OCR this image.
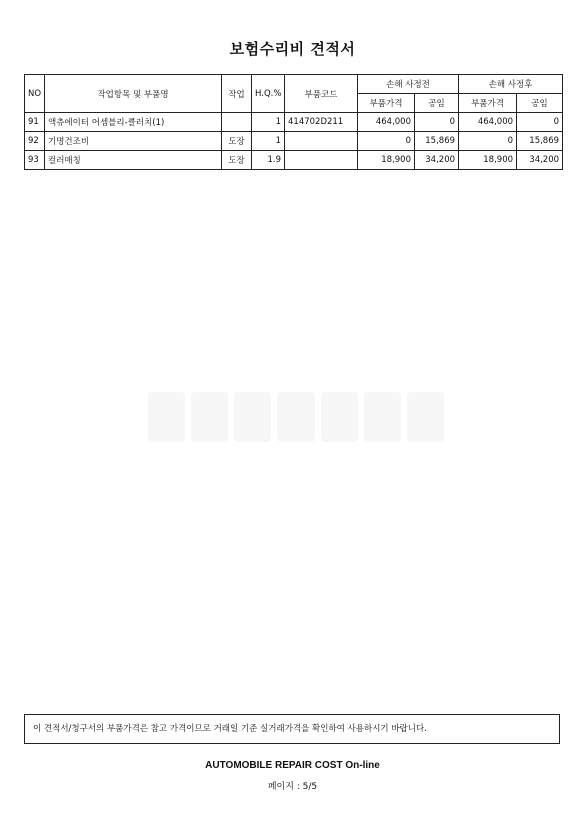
보험수리비 견적서
NO	작업항목 및 부품명	작업	H.Q.%	부품코드	손해 사정전		손해 사정후	
					부품가격	공임	부품가격	공임
91	액츄에이터 어셈블리-클러치(1)		1	414702D211	464,000	0	464,000	0
92	기명건조비	도장	1		0	15,869	0	15,869
93	컬러매칭	도장	1.9		18,900	34,200	18,900	34,200
이 견적서/청구서의 부품가격은 참고 가격이므로 거래일 기준 실거래가격을 확인하여 사용하시기 바랍니다.
AUTOMOBILE REPAIR COST On-line
페이지 : 5/5
